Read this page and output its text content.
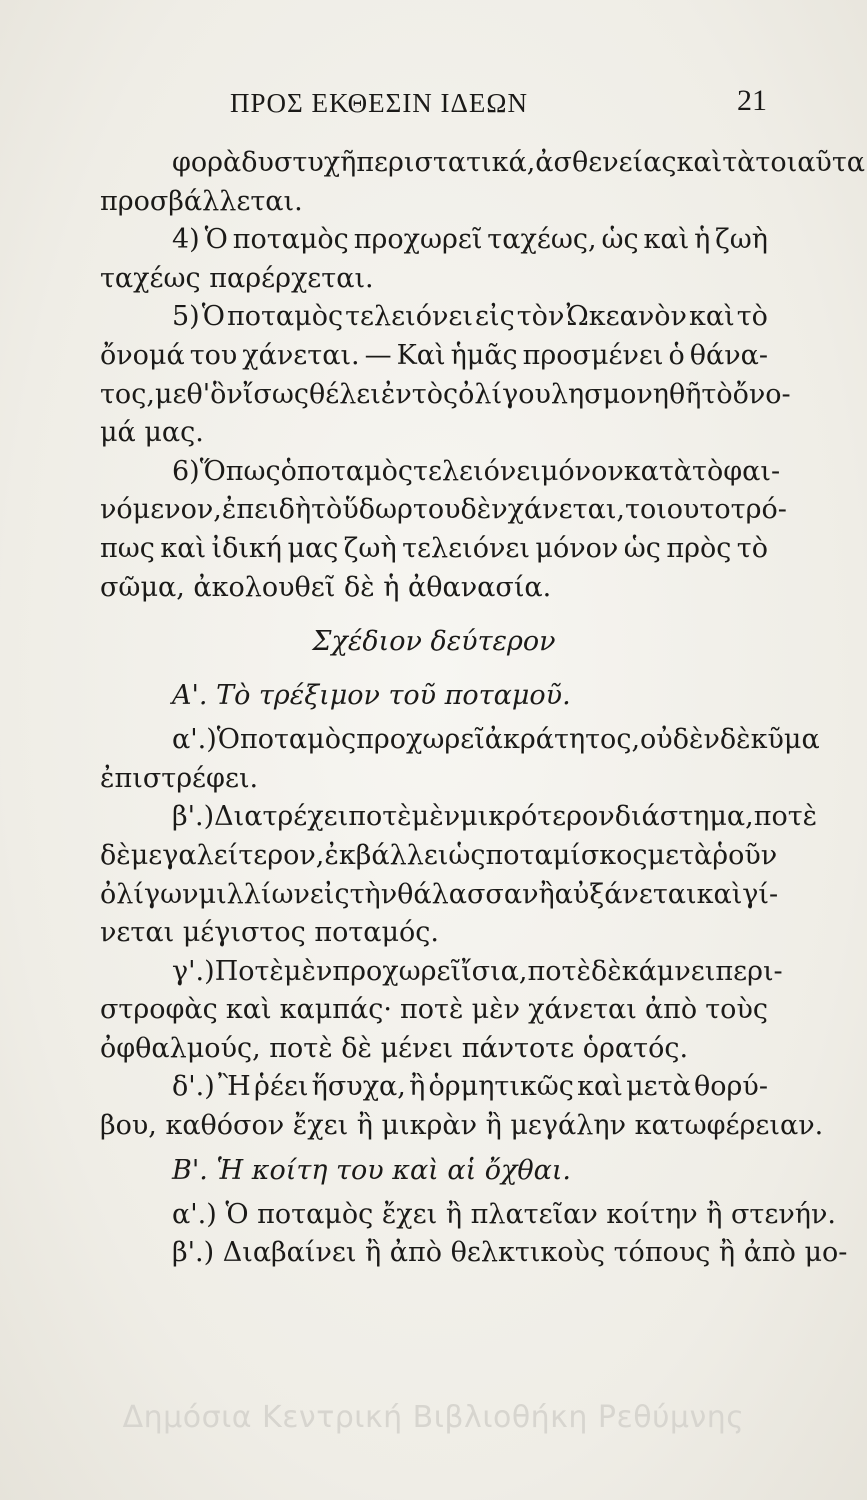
ΠΡΟΣ ΕΚΘΕΣΙΝ ΙΔΕΩΝ	21
φορὰ δυστυχῆ περιστατικά, ἀσθενείας καὶ τὰ τοιαῦτα
προσβάλλεται.
4) Ὁ ποταμὸς προχωρεῖ ταχέως, ὡς καὶ ἡ ζωὴ
ταχέως παρέρχεται.
5) Ὁ ποταμὸς τελειόνει εἰς τὸν Ὠκεανὸν καὶ τὸ
ὄνομά του χάνεται. — Καὶ ἡμᾶς προσμένει ὁ θάνα-
τος, μεθ' ὃν ἴσως θέλει ἐντὸς ὀλίγου λησμονηθῆ τὸ ὄνο-
μά μας.
6) Ὅπως ὁ ποταμὸς τελειόνει μόνον κατὰ τὸ φαι-
νόμενον, ἐπειδὴ τὸ ὕδωρ του δὲν χάνεται, τοιουτοτρό-
πως καὶ ἰδική μας ζωὴ τελειόνει μόνον ὡς πρὸς τὸ
σῶμα, ἀκολουθεῖ δὲ ἡ ἀθανασία.
Σχέδιον δεύτερον
Α'. Τὸ τρέξιμον τοῦ ποταμοῦ.
α'.) Ὁ ποταμὸς προχωρεῖ ἀκράτητος, οὐδὲν δὲ κῦμα
ἐπιστρέφει.
β'.) Διατρέχει ποτὲ μὲν μικρότερον διάστημα, ποτὲ
δὲ μεγαλείτερον, ἐκβάλλει ὡς ποταμίσκος μετὰ ῥοῦν
ὀλίγων μιλλίων εἰς τὴν θάλασσαν ἢ αὐξάνεται καὶ γί-
νεται μέγιστος ποταμός.
γ'.) Ποτὲ μὲν προχωρεῖ ἴσια, ποτὲ δὲ κάμνει περι-
στροφὰς καὶ καμπάς· ποτὲ μὲν χάνεται ἀπὸ τοὺς
ὀφθαλμούς, ποτὲ δὲ μένει πάντοτε ὁρατός.
δ'.) Ἢ ῥέει ἥσυχα, ἢ ὁρμητικῶς καὶ μετὰ θορύ-
βου, καθόσον ἔχει ἢ μικρὰν ἢ μεγάλην κατωφέρειαν.
Β'. Ἡ κοίτη του καὶ αἱ ὄχθαι.
α'.) Ὁ ποταμὸς ἔχει ἢ πλατεῖαν κοίτην ἢ στενήν.
β'.) Διαβαίνει ἢ ἀπὸ θελκτικοὺς τόπους ἢ ἀπὸ μο-
Δημόσια Κεντρική Βιβλιοθήκη Ρεθύμνης
